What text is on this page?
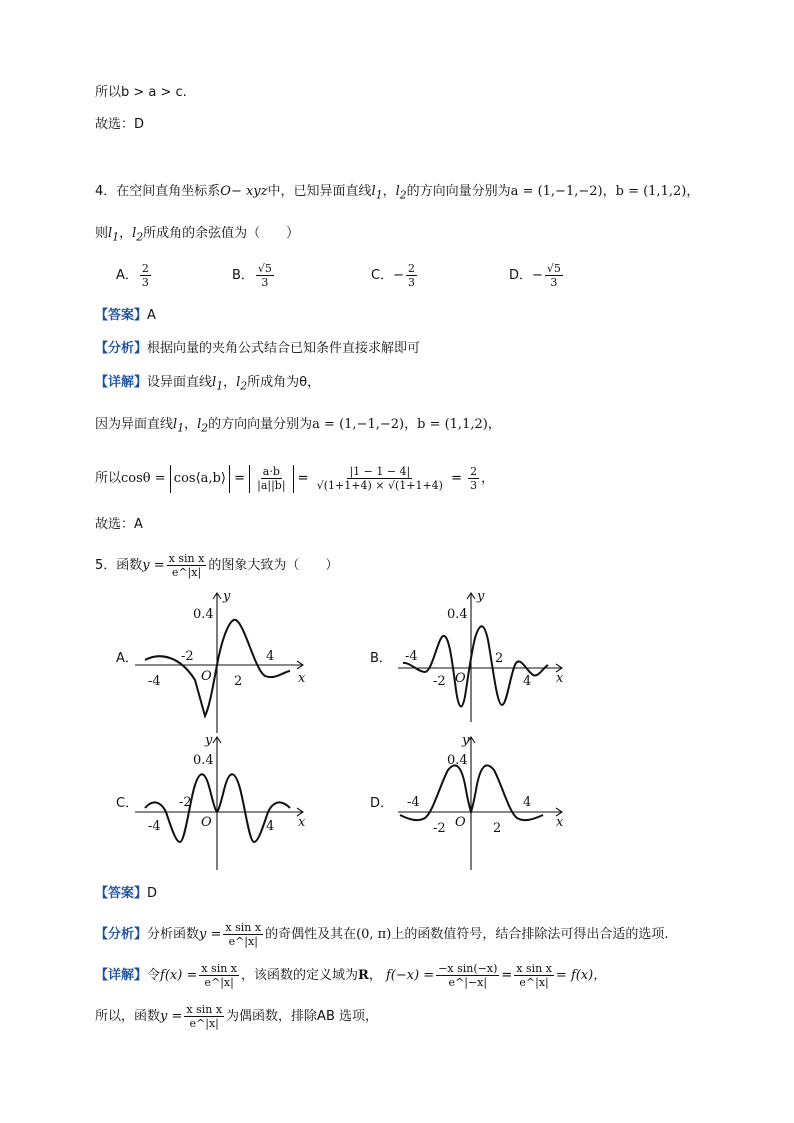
所以b > a > c.
故选：D
4．在空间直角坐标系O− xyz中，已知异面直线$l_1$，$l_2$的方向向量分别为a = (1,−1,−2)，b = (1,1,2)，
则$l_1$，$l_2$所成角的余弦值为（　　）
A． $\frac{2}{3}$	B． $\frac{√5}{3}$	C．− $\frac{2}{3}$	D．− $\frac{√5}{3}$
【答案】A
【分析】根据向量的夹角公式结合已知条件直接求解即可
【详解】设异面直线$l_1$，$l_2$所成角为θ，
因为异面直线$l_1$，$l_2$的方向向量分别为a = (1,−1,−2)，b = (1,1,2)，
所以cosθ = cos⟨a,b⟩ = $\frac{a\cdot b}{|a||b|} = \frac{|1 - 1 - 4|}{√(1+1+4) \times √(1+1+4)} = \frac{2}{3}$ ，
故选：A
5．函数$y = \frac{\text{x sin x}}{e\^{}|x|}$ 的图象大致为（　　）
A．	B．
C．	D．
0.4
y
x
O
-2
-4	2
4
0.4
y
x
O
-4
-2
2
4
0.4
y
x
O
-2
-4	4
0.4
y
x
O
-4
-2	2
4
【答案】D
【分析】分析函数$y = \frac{\text{x sin x}}{e\^{}|x|}$ 的奇偶性及其在(0, π)上的函数值符号，结合排除法可得出合适的选项.
【详解】令$f(x) = \frac{\text{x sin x}}{e\^{}|x|}$ ，该函数的定义域为R， $f(-x) = \frac{\text{−x sin(−x)}}{e\^{}|-x|} = \frac{\text{x sin x}}{e\^{}|x|} = f(x)$，
所以，函数$y = \frac{\text{x sin x}}{e\^{}|x|}$ 为偶函数，排除AB 选项，
